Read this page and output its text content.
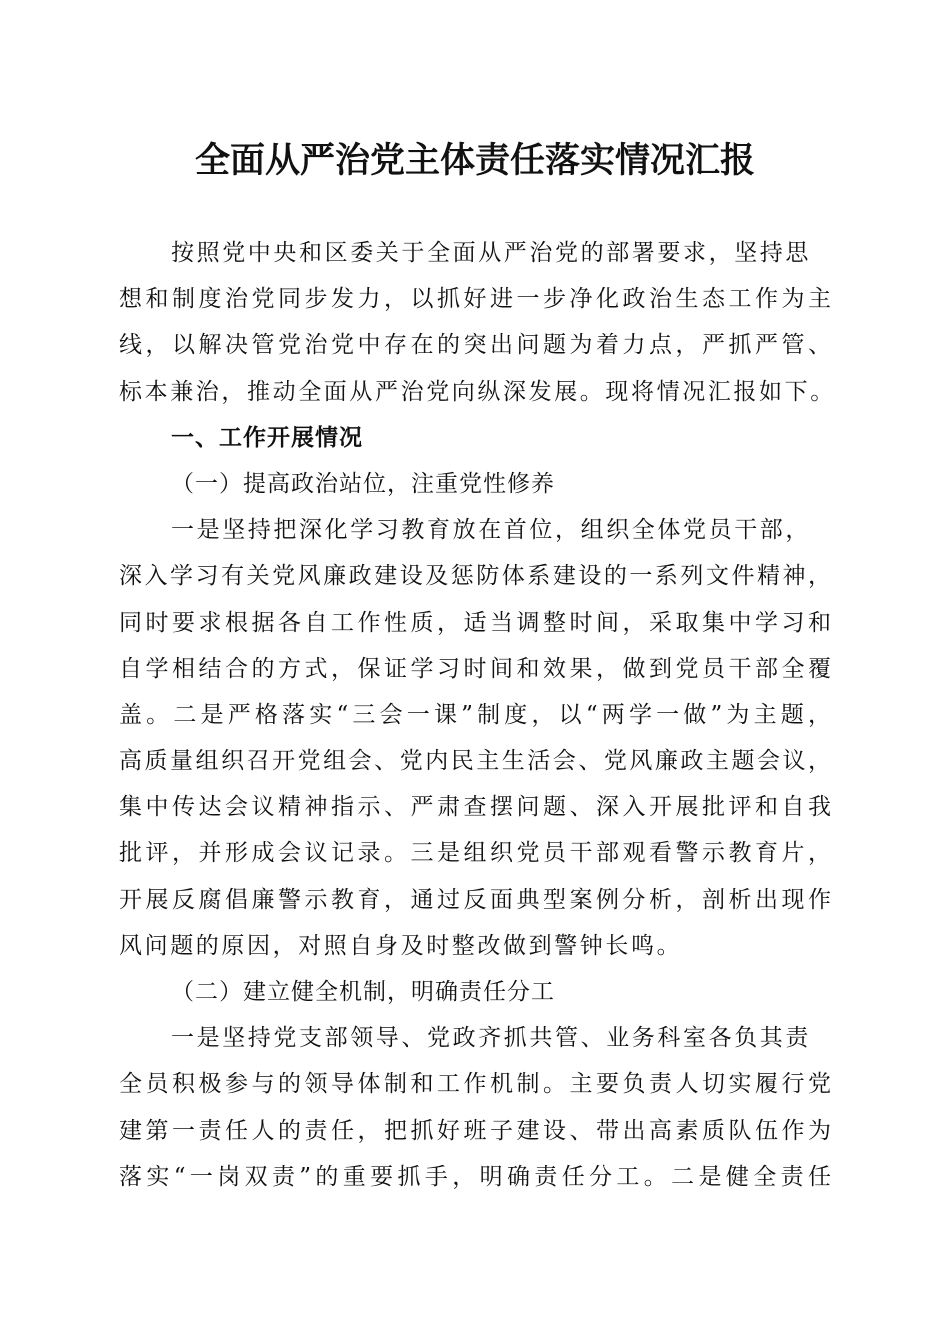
全面从严治党主体责任落实情况汇报
按照党中央和区委关于全面从严治党的部署要求，坚持思
想和制度治党同步发力，以抓好进一步净化政治生态工作为主
线，以解决管党治党中存在的突出问题为着力点，严抓严管、
标本兼治，推动全面从严治党向纵深发展。现将情况汇报如下。
一、工作开展情况
（一）提高政治站位，注重党性修养
一是坚持把深化学习教育放在首位，组织全体党员干部，
深入学习有关党风廉政建设及惩防体系建设的一系列文件精神，
同时要求根据各自工作性质，适当调整时间，采取集中学习和
自学相结合的方式，保证学习时间和效果，做到党员干部全覆
盖。二是严格落实“三会一课”制度，以“两学一做”为主题，
高质量组织召开党组会、党内民主生活会、党风廉政主题会议，
集中传达会议精神指示、严肃查摆问题、深入开展批评和自我
批评，并形成会议记录。三是组织党员干部观看警示教育片，
开展反腐倡廉警示教育，通过反面典型案例分析，剖析出现作
风问题的原因，对照自身及时整改做到警钟长鸣。
（二）建立健全机制，明确责任分工
一是坚持党支部领导、党政齐抓共管、业务科室各负其责
全员积极参与的领导体制和工作机制。主要负责人切实履行党
建第一责任人的责任，把抓好班子建设、带出高素质队伍作为
落实“一岗双责”的重要抓手，明确责任分工。二是健全责任
